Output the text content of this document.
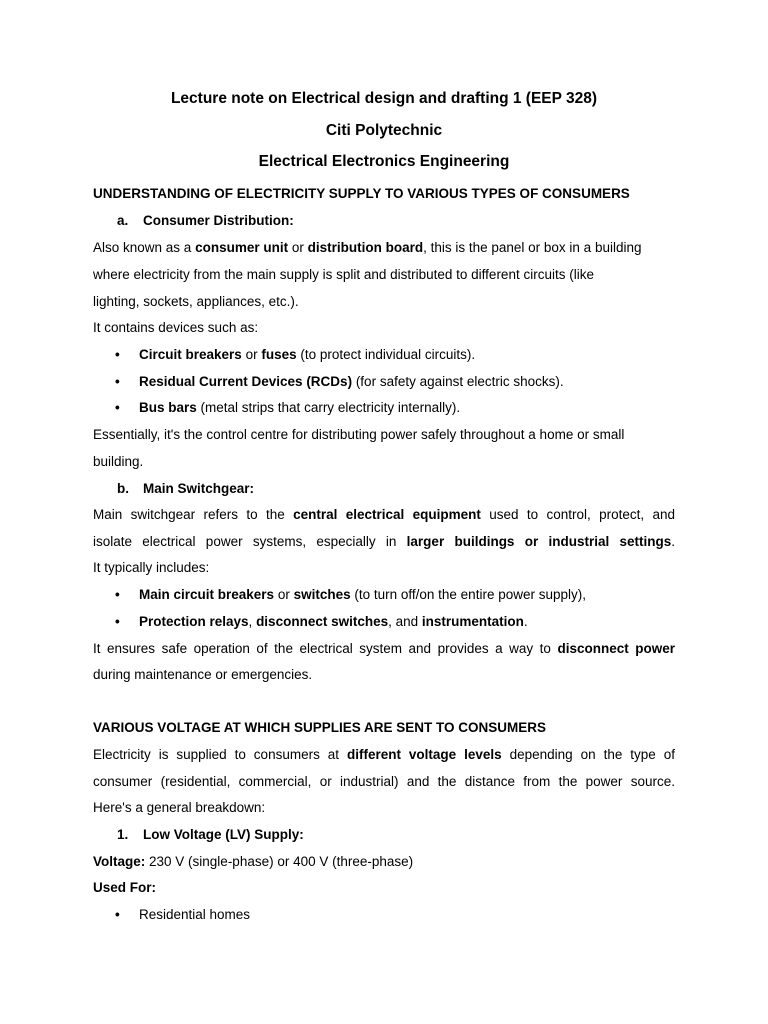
Lecture note on Electrical design and drafting 1 (EEP 328)
Citi Polytechnic
Electrical Electronics Engineering
UNDERSTANDING OF ELECTRICITY SUPPLY TO VARIOUS TYPES OF CONSUMERS
a. Consumer Distribution:
Also known as a consumer unit or distribution board, this is the panel or box in a building
where electricity from the main supply is split and distributed to different circuits (like
lighting, sockets, appliances, etc.).
It contains devices such as:
• Circuit breakers or fuses (to protect individual circuits).
• Residual Current Devices (RCDs) (for safety against electric shocks).
• Bus bars (metal strips that carry electricity internally).
Essentially, it's the control centre for distributing power safely throughout a home or small
building.
b. Main Switchgear:
Main switchgear refers to the central electrical equipment used to control, protect, and
isolate electrical power systems, especially in larger buildings or industrial settings.
It typically includes:
• Main circuit breakers or switches (to turn off/on the entire power supply),
• Protection relays, disconnect switches, and instrumentation.
It ensures safe operation of the electrical system and provides a way to disconnect power
during maintenance or emergencies.
VARIOUS VOLTAGE AT WHICH SUPPLIES ARE SENT TO CONSUMERS
Electricity is supplied to consumers at different voltage levels depending on the type of
consumer (residential, commercial, or industrial) and the distance from the power source.
Here's a general breakdown:
1. Low Voltage (LV) Supply:
Voltage: 230 V (single-phase) or 400 V (three-phase)
Used For:
• Residential homes
